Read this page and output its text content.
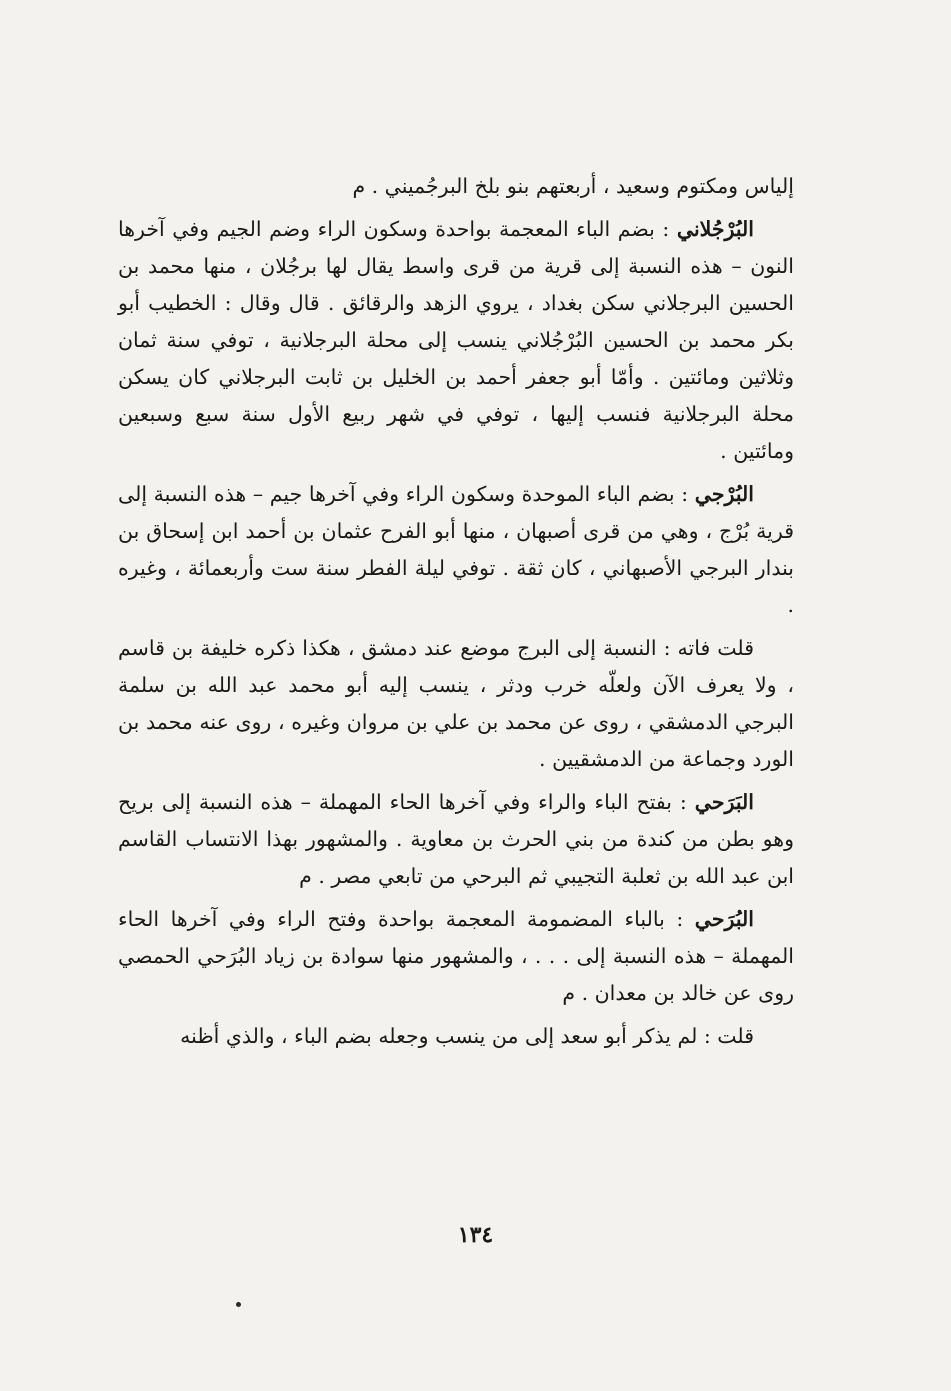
إلياس ومكتوم وسعيد ، أربعتهم بنو بلخ البرجُميني . م

البُرْجُلاني : بضم الباء المعجمة بواحدة وسكون الراء وضم الجيم وفي آخرها النون – هذه النسبة إلى قرية من قرى واسط يقال لها برجُلان ، منها محمد بن الحسين البرجلاني سكن بغداد ، يروي الزهد والرقائق . قال وقال : الخطيب أبو بكر محمد بن الحسين البُرْجُلاني ينسب إلى محلة البرجلانية ، توفي سنة ثمان وثلاثين ومائتين . وأمّا أبو جعفر أحمد بن الخليل بن ثابت البرجلاني كان يسكن محلة البرجلانية فنسب إليها ، توفي في شهر ربيع الأول سنة سبع وسبعين ومائتين .

البُرْجي : بضم الباء الموحدة وسكون الراء وفي آخرها جيم – هذه النسبة إلى قرية بُرْج ، وهي من قرى أصبهان ، منها أبو الفرح عثمان بن أحمد ابن إسحاق بن بندار البرجي الأصبهاني ، كان ثقة . توفي ليلة الفطر سنة ست وأربعمائة ، وغيره .

قلت فاته : النسبة إلى البرج موضع عند دمشق ، هكذا ذكره خليفة بن قاسم ، ولا يعرف الآن ولعلّه خرب ودثر ، ينسب إليه أبو محمد عبد الله بن سلمة البرجي الدمشقي ، روى عن محمد بن علي بن مروان وغيره ، روى عنه محمد بن الورد وجماعة من الدمشقيين .

البَرَحي : بفتح الباء والراء وفي آخرها الحاء المهملة – هذه النسبة إلى بريح وهو بطن من كندة من بني الحرث بن معاوية . والمشهور بهذا الانتساب القاسم ابن عبد الله بن ثعلبة التجيبي ثم البرحي من تابعي مصر . م

البُرَحي : بالباء المضمومة المعجمة بواحدة وفتح الراء وفي آخرها الحاء المهملة – هذه النسبة إلى . . . ، والمشهور منها سوادة بن زياد البُرَحي الحمصي روى عن خالد بن معدان . م

قلت : لم يذكر أبو سعد إلى من ينسب وجعله بضم الباء ، والذي أظنه

١٣٤
